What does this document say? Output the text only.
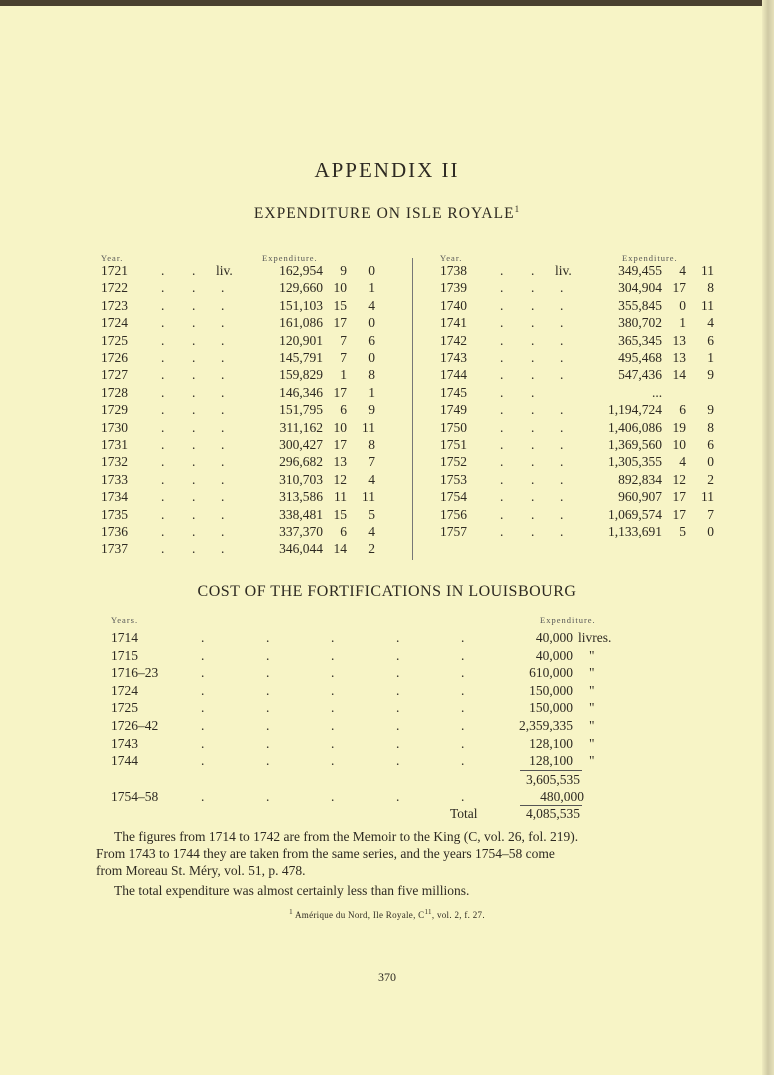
APPENDIX II
EXPENDITURE ON ISLE ROYALE$^1$
Year.	Expenditure.	Year.	Expenditure.
1721 . . liv.	162,954	9	0
1722 . . .	129,660 10	1
1723 . . .	151,103 15	4
1724 . . .	161,086 17	0
1725 . . .	120,901	7	6
1726 . . .	145,791	7	0
1727 . . .	159,829	1	8
1728 . . .	146,346 17	1
1729 . . .	151,795	6	9
1730 . . .	311,162 10	11
1731 . . .	300,427 17	8
1732 . . .	296,682 13	7
1733 . . .	310,703 12	4
1734 . . .	313,586 11	11
1735 . . .	338,481 15	5
1736 . . .	337,370	6	4
1737 . . .	346,044 14	2
1738 . . liv.	349,455	4	11
1739 . . .	304,904 17	8
1740 . . .	355,845	0	11
1741 . . .	380,702	1	4
1742 . . .	365,345 13	6
1743 . . .	495,468 13	1
1744 . . .	547,436 14	9
1745 . .	...
1749 . . .	1,194,724	6	9
1750 . . .	1,406,086 19	8
1751 . . .	1,369,560 10	6
1752 . . .	1,305,355	4	0
1753 . . .	892,834 12	2
1754 . . .	960,907 17	11
1756 . . .	1,069,574 17	7
1757 . . .	1,133,691	5	0
COST OF THE FORTIFICATIONS IN LOUISBOURG
Years.	Expenditure.
1714	.	.	.	.	.	40,000 livres.
1715	.	.	.	.	.	40,000 "
1716–23	.	.	.	.	.	610,000 "
1724	.	.	.	.	.	150,000 "
1725	.	.	.	.	.	150,000 "
1726–42	.	.	.	.	.	2,359,335 "
1743	.	.	.	.	.	128,100 "
1744	.	.	.	.	.	128,100 "
3,605,535
1754–58	.	.	.	.	.	480,000
Total	4,085,535
The figures from 1714 to 1742 are from the Memoir to the King (C, vol. 26, fol. 219).
From 1743 to 1744 they are taken from the same series, and the years 1754–58 come
from Moreau St. Méry, vol. 51, p. 478.
The total expenditure was almost certainly less than five millions.
$^1$ Amérique du Nord, Ile Royale, $C^{11}$, vol. 2, f. 27.
370
